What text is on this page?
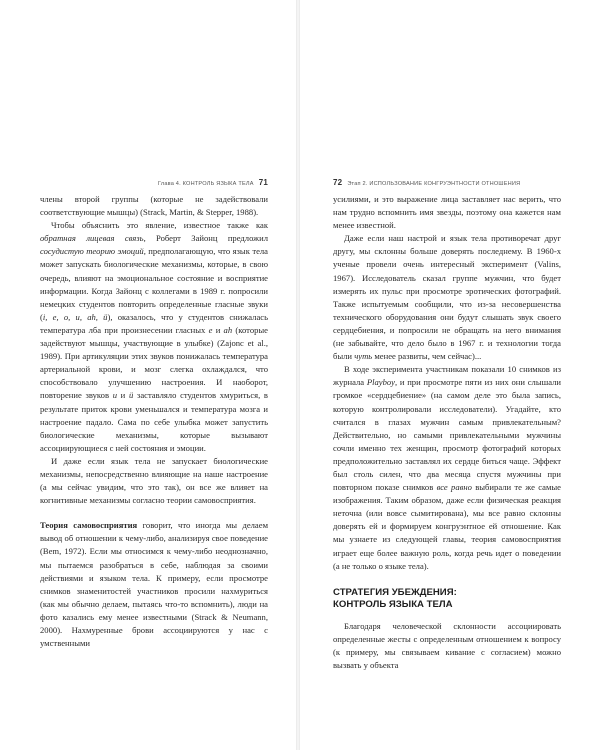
Глава 4. КОНТРОЛЬ ЯЗЫКА ТЕЛА 71

члены второй группы (которые не задействовали соответствующие мышцы) (Strack, Martin, & Stepper, 1988).

Чтобы объяснить это явление, известное также как обратная лицевая связь, Роберт Зайонц предложил сосудистую теорию эмоций, предполагающую, что язык тела может запускать биологические механизмы, которые, в свою очередь, влияют на эмоциональное состояние и восприятие информации. Когда Зайонц с коллегами в 1989 г. попросили немецких студентов повторить определенные гласные звуки (i, e, o, u, ah, ü), оказалось, что у студентов снижалась температура лба при произнесении гласных e и ah (которые задействуют мышцы, участвующие в улыбке) (Zajonc et al., 1989). При артикуляции этих звуков понижалась температура артериальной крови, и мозг слегка охлаждался, что способствовало улучшению настроения. И наоборот, повторение звуков u и ü заставляло студентов хмуриться, в результате приток крови уменьшался и температура мозга и настроение падало. Сама по себе улыбка может запустить биологические механизмы, которые вызывают ассоциирующиеся с ней состояния и эмоции.

И даже если язык тела не запускает биологические механизмы, непосредственно влияющие на наше настроение (а мы сейчас увидим, что это так), он все же влияет на когнитивные механизмы согласно теории самовосприятия.

Теория самовосприятия говорит, что иногда мы делаем вывод об отношении к чему-либо, анализируя свое поведение (Bem, 1972). Если мы относимся к чему-либо неоднозначно, мы пытаемся разобраться в себе, наблюдая за своими действиями и языком тела. К примеру, если просмотре снимков знаменитостей участников просили нахмуриться (как мы обычно делаем, пытаясь что-то вспомнить), люди на фото казались ему менее известными (Strack & Neumann, 2000). Нахмуренные брови ассоциируются у нас с умственными

72 Этап 2. ИСПОЛЬЗОВАНИЕ КОНГРУЭНТНОСТИ ОТНОШЕНИЯ

усилиями, и это выражение лица заставляет нас верить, что нам трудно вспомнить имя звезды, поэтому она кажется нам менее известной.

Даже если наш настрой и язык тела противоречат друг другу, мы склонны больше доверять последнему. В 1960-х ученые провели очень интересный эксперимент (Valins, 1967). Исследователь сказал группе мужчин, что будет измерять их пульс при просмотре эротических фотографий. Также испытуемым сообщили, что из-за несовершенства технического оборудования они будут слышать звук своего сердцебиения, и попросили не обращать на него внимания (не забывайте, что дело было в 1967 г. и технологии тогда были чуть менее развиты, чем сейчас)...

В ходе эксперимента участникам показали 10 снимков из журнала Playboy, и при просмотре пяти из них они слышали громкое «сердцебиение» (на самом деле это была запись, которую контролировали исследователи). Угадайте, кто считался в глазах мужчин самым привлекательным? Действительно, но самыми привлекательными мужчины сочли именно тех женщин, просмотр фотографий которых предположительно заставлял их сердце биться чаще. Эффект был столь силен, что два месяца спустя мужчины при повторном показе снимков все равно выбирали те же самые изображения. Таким образом, даже если физическая реакция неточна (или вовсе сымитирована), мы все равно склонны доверять ей и формируем конгруэнтное ей отношение. Как мы узнаете из следующей главы, теория самовосприятия играет еще более важную роль, когда речь идет о поведении (а не только о языке тела).

СТРАТЕГИЯ УБЕЖДЕНИЯ:
КОНТРОЛЬ ЯЗЫКА ТЕЛА

Благодаря человеческой склонности ассоциировать определенные жесты с определенным отношением к вопросу (к примеру, мы связываем кивание с согласием) можно вызвать у объекта
